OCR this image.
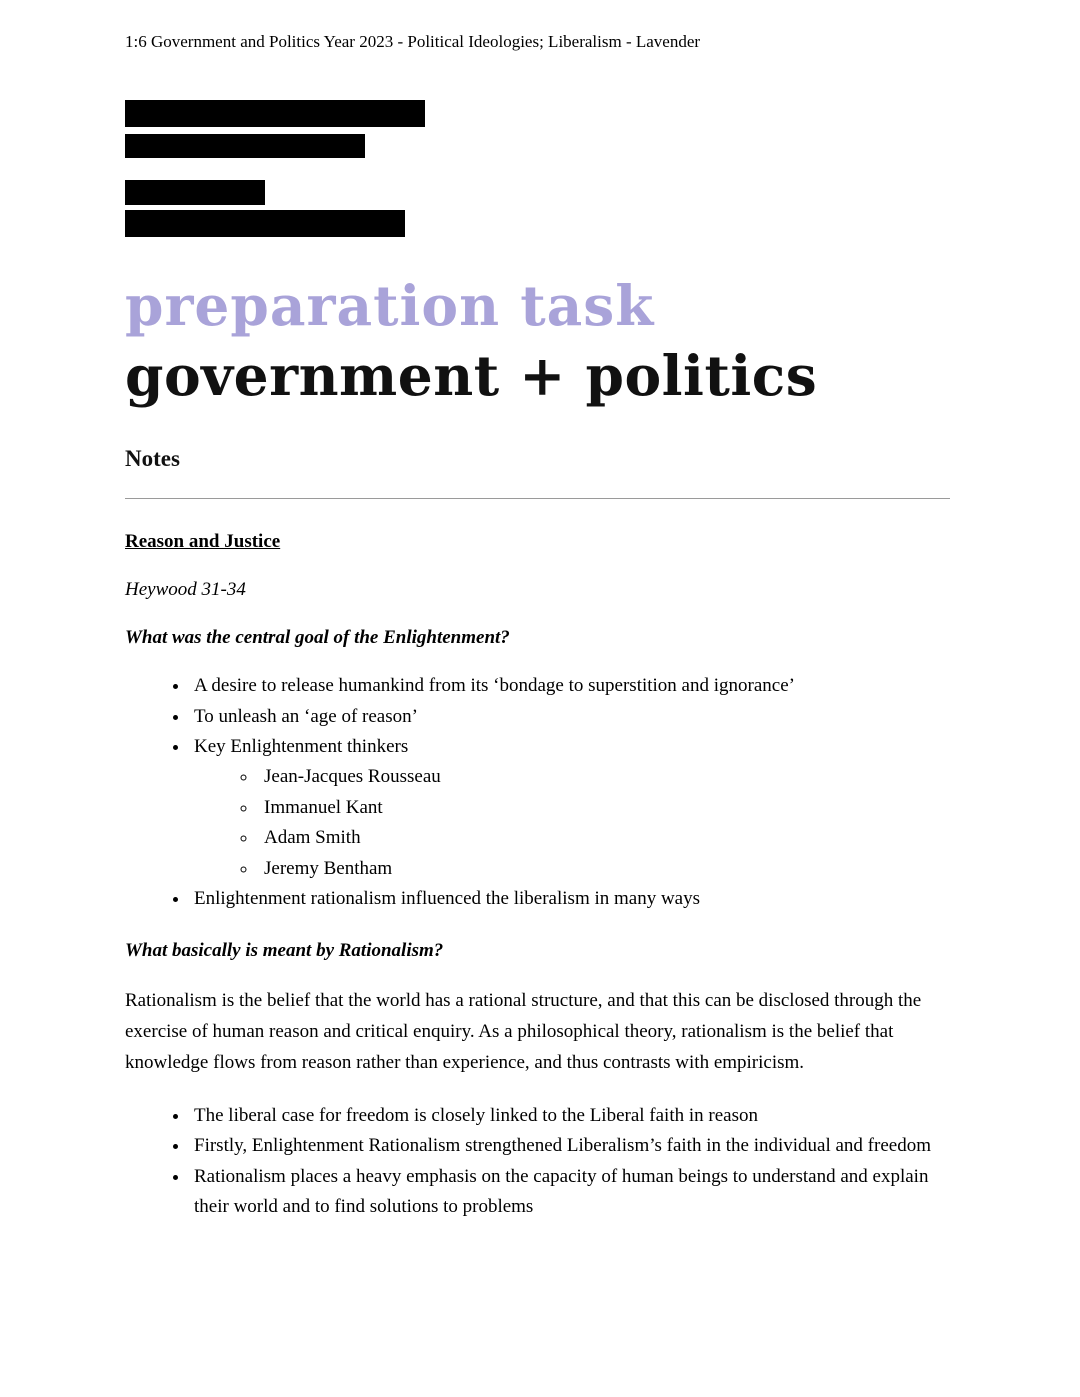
1:6 Government and Politics Year 2023 - Political Ideologies; Liberalism - Lavender
preparation task
government + politics
Notes
Reason and Justice

Heywood 31-34

What was the central goal of the Enlightenment?

• A desire to release humankind from its ‘bondage to superstition and ignorance’
• To unleash an ‘age of reason’
• Key Enlightenment thinkers
◦ Jean-Jacques Rousseau
◦ Immanuel Kant
◦ Adam Smith
◦ Jeremy Bentham
• Enlightenment rationalism influenced the liberalism in many ways

What basically is meant by Rationalism?

Rationalism is the belief that the world has a rational structure, and that this can be disclosed through the exercise of human reason and critical enquiry. As a philosophical theory, rationalism is the belief that knowledge flows from reason rather than experience, and thus contrasts with empiricism.

• The liberal case for freedom is closely linked to the Liberal faith in reason
• Firstly, Enlightenment Rationalism strengthened Liberalism’s faith in the individual and freedom
• Rationalism places a heavy emphasis on the capacity of human beings to understand and explain their world and to find solutions to problems
